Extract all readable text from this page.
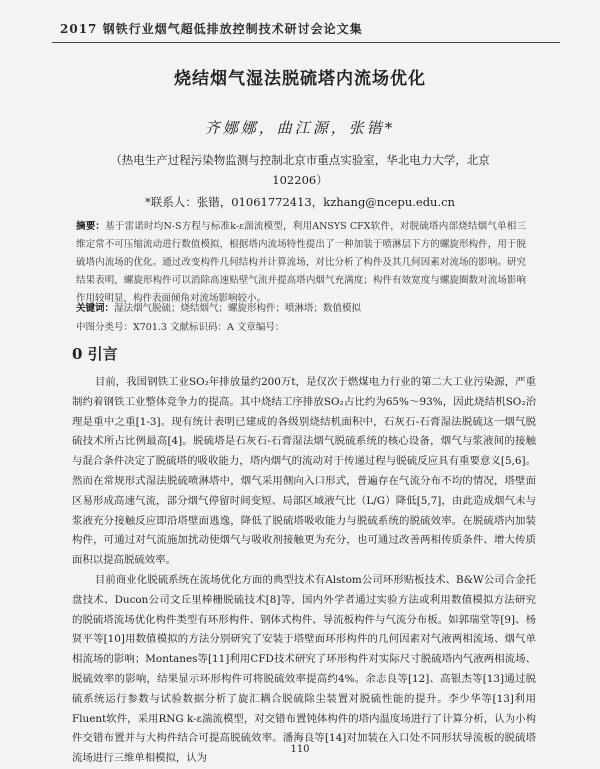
2017 钢铁行业烟气超低排放控制技术研讨会论文集
烧结烟气湿法脱硫塔内流场优化
齐娜娜，曲江源，张锴*
（热电生产过程污染物监测与控制北京市重点实验室，华北电力大学，北京 102206）
*联系人：张锴，01061772413，kzhang@ncepu.edu.cn
摘要：基于雷诺时均N-S方程与标准k-ε湍流模型，利用ANSYS CFX软件，对脱硫塔内部烧结烟气单相三维定常不可压缩流动进行数值模拟，根据塔内流场特性提出了一种加装于喷淋层下方的螺旋形构件，用于脱硫塔内流场的优化。通过改变构件几何结构并计算流场，对比分析了构件及其几何因素对流场的影响。研究结果表明，螺旋形构件可以消除高速贴壁气流并提高塔内烟气充满度；构件有效宽度与螺旋圈数对流场影响作用较明显，构件表面倾角对流场影响较小。
关键词：湿法烟气脱硫；烧结烟气；螺旋形构件；喷淋塔；数值模拟
中图分类号：X701.3 文献标识码：A 文章编号：
0 引言

目前，我国钢铁工业SO₂年排放量约200万t，是仅次于燃煤电力行业的第二大工业污染源，严重制约着钢铁工业整体竞争力的提高。其中烧结工序排放SO₂占比约为65%～93%，因此烧结机SO₂治理是重中之重[1-3]。现有统计表明已建成的各级别烧结机面积中，石灰石-石膏湿法脱硫这一烟气脱硫技术所占比例最高[4]。脱硫塔是石灰石-石膏湿法烟气脱硫系统的核心设备，烟气与浆液间的接触与混合条件决定了脱硫塔的吸收能力，塔内烟气的流动对于传递过程与脱硫反应具有重要意义[5,6]。然而在常规形式湿法脱硫喷淋塔中，烟气采用侧向入口形式，普遍存在气流分布不均的情况，塔壁面区易形成高速气流，部分烟气停留时间变短、局部区域液气比（L/G）降低[5,7]，由此造成烟气未与浆液充分接触反应即沿塔壁面逃逸，降低了脱硫塔吸收能力与脱硫系统的脱硫效率。在脱硫塔内加装构件，可通过对气流施加扰动使烟气与吸收剂接触更为充分，也可通过改善两相传质条件、增大传质面积以提高脱硫效率。

目前商业化脱硫系统在流场优化方面的典型技术有Alstom公司环形贴板技术、B&W公司合金托盘技术、Ducon公司文丘里棒栅脱硫技术[8]等，国内外学者通过实验方法或利用数值模拟方法研究的脱硫塔流场优化构件类型有环形构件、钢体式构件、导流板构件与气流分布板。如郭瑞堂等[9]、杨贤平等[10]用数值模拟的方法分别研究了安装于塔壁面环形构件的几何因素对气液两相流场、烟气单相流场的影响；Montanes等[11]利用CFD技术研究了环形构件对实际尺寸脱硫塔内气液两相流场、脱硫效率的影响，结果显示环形构件可将脱硫效率提高约4%。余志良等[12]、高银杰等[13]通过脱硫系统运行参数与试验数据分析了旋汇耦合脱硫除尘装置对脱硫性能的提升。李少华等[13]利用Fluent软件，采用RNG k-ε湍流模型，对交错布置钝体构件的塔内温度场进行了计算分析，认为小构件交错布置并与大构件结合可提高脱硫效率。潘海良等[14]对加装在入口处不同形状导流板的脱硫塔流场进行三维单相模拟，认为

110
